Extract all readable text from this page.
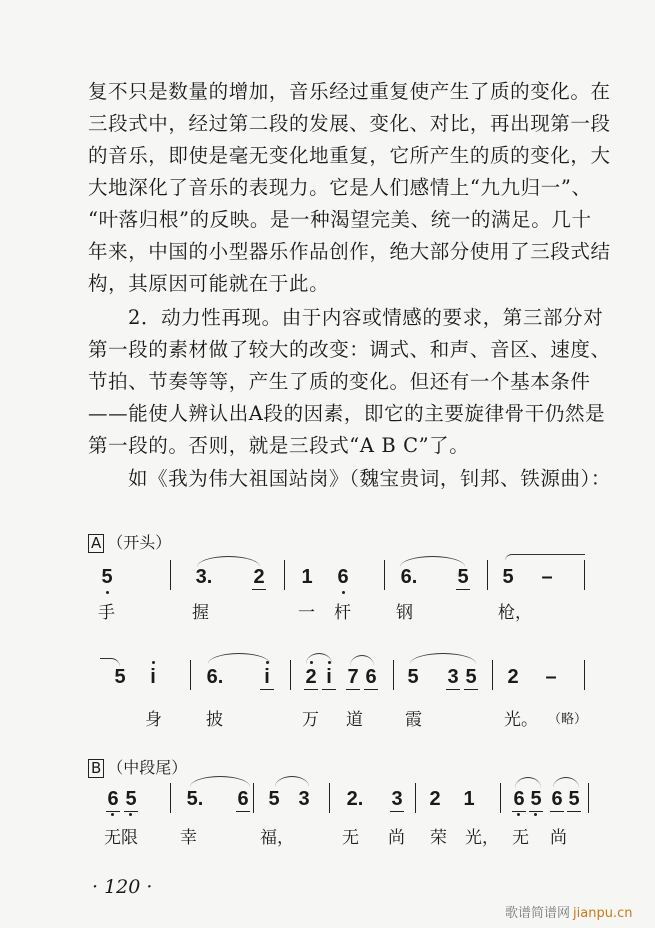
复不只是数量的增加，音乐经过重复使产生了质的变化。在
三段式中，经过第二段的发展、变化、对比，再出现第一段
的音乐，即使是毫无变化地重复，它所产生的质的变化，大
大地深化了音乐的表现力。它是人们感情上“九九归一”、
“叶落归根”的反映。是一种渴望完美、统一的满足。几十
年来，中国的小型器乐作品创作，绝大部分使用了三段式结
构，其原因可能就在于此。
2．动力性再现。由于内容或情感的要求，第三部分对
第一段的素材做了较大的改变：调式、和声、音区、速度、
节拍、节奏等等，产生了质的变化。但还有一个基本条件
——能使人辨认出A段的因素，即它的主要旋律骨干仍然是
第一段的。否则，就是三段式“A B C”了。
如《我为伟大祖国站岗》（魏宝贵词，钊邦、铁源曲）：
A （开头）
5	3. 2 1 6	6. 5 5 –
手	握	一 杆	钢	枪，
5 i	6. i 2 i 7 6 5 3 5 2 –
身	披	万 道 霞	光。 （略）
B （中段尾）
6 5	5. 6 5 3 2. 3 2 1 6 5 6 5
无限 幸	福，	无 尚 荣 光， 无 尚
· 120 ·
歌谱简谱网 jianpu.cn
